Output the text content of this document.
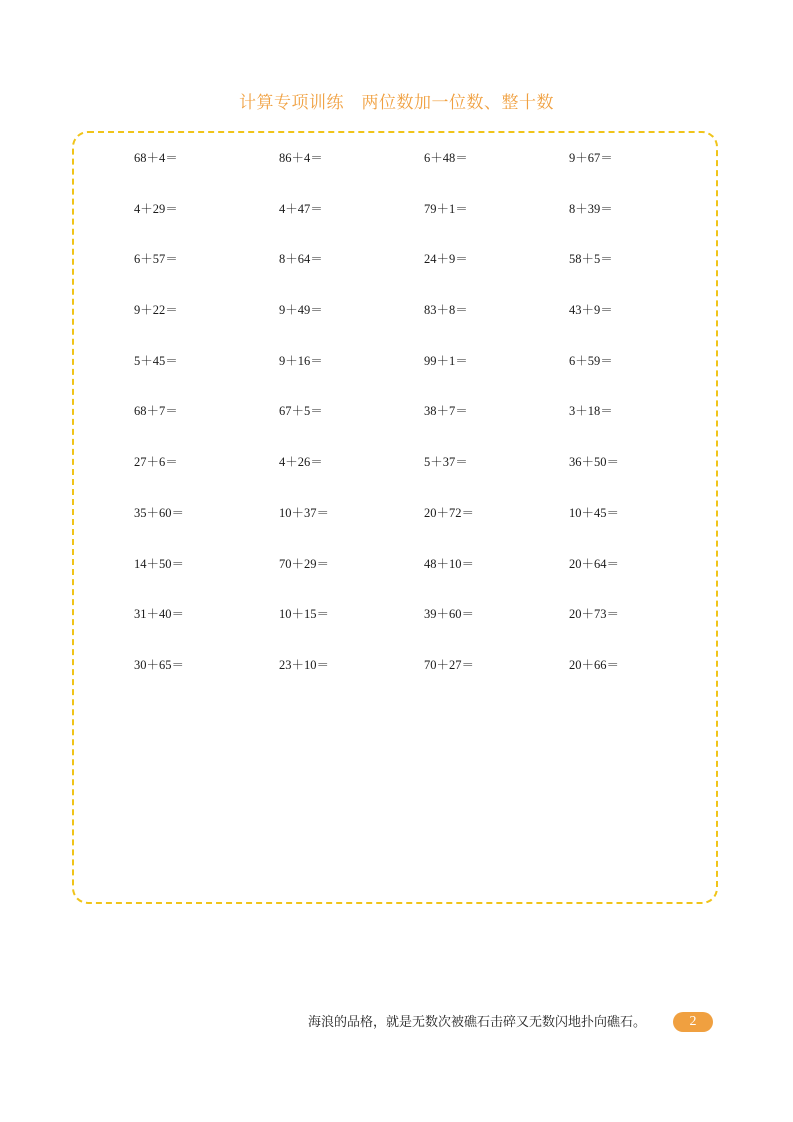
计算专项训练　两位数加一位数、整十数
68＋4＝	86＋4＝	6＋48＝	9＋67＝
4＋29＝	4＋47＝	79＋1＝	8＋39＝
6＋57＝	8＋64＝	24＋9＝	58＋5＝
9＋22＝	9＋49＝	83＋8＝	43＋9＝
5＋45＝	9＋16＝	99＋1＝	6＋59＝
68＋7＝	67＋5＝	38＋7＝	3＋18＝
27＋6＝	4＋26＝	5＋37＝	36＋50＝
35＋60＝	10＋37＝	20＋72＝	10＋45＝
14＋50＝	70＋29＝	48＋10＝	20＋64＝
31＋40＝	10＋15＝	39＋60＝	20＋73＝
30＋65＝	23＋10＝	70＋27＝	20＋66＝
海浪的品格，就是无数次被礁石击碎又无数闪地扑向礁石。	2
